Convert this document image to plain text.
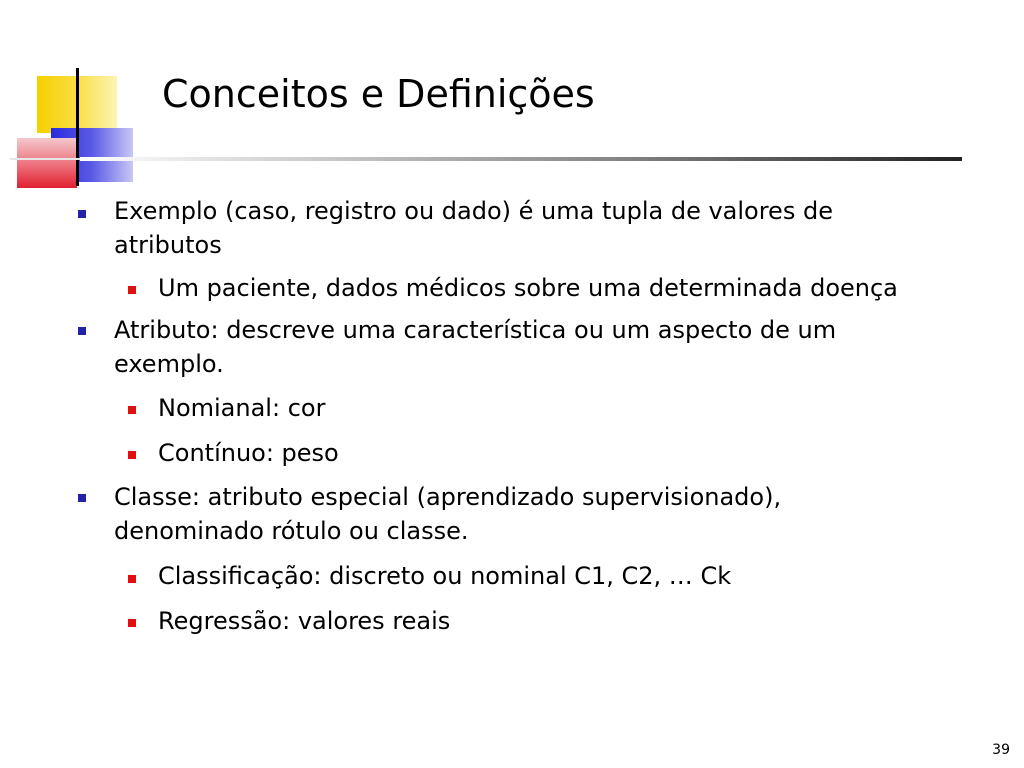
Conceitos e Definições
Exemplo (caso, registro ou dado) é uma tupla de valores de atributos
Um paciente, dados médicos sobre uma determinada doença
Atributo: descreve uma característica ou um aspecto de um exemplo.
Nomianal: cor
Contínuo: peso
Classe: atributo especial (aprendizado supervisionado), denominado rótulo ou classe.
Classificação: discreto ou nominal C1, C2, … Ck
Regressão: valores reais
39
